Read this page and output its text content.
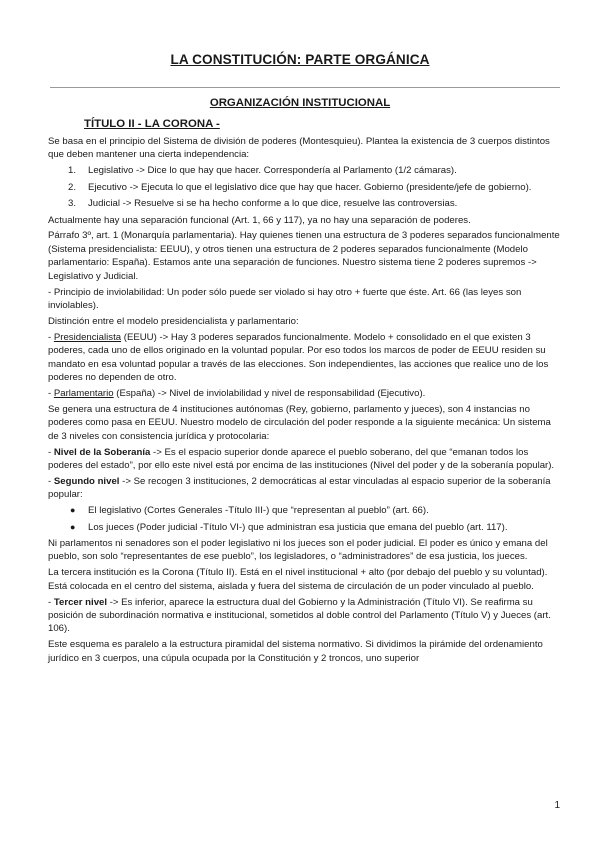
LA CONSTITUCIÓN: PARTE ORGÁNICA
ORGANIZACIÓN INSTITUCIONAL
TÍTULO II - LA CORONA -

Se basa en el principio del Sistema de división de poderes (Montesquieu). Plantea la existencia de 3 cuerpos distintos que deben mantener una cierta independencia:

1. Legislativo -> Dice lo que hay que hacer. Correspondería al Parlamento (1/2 cámaras).
2. Ejecutivo -> Ejecuta lo que el legislativo dice que hay que hacer. Gobierno (presidente/jefe de gobierno).
3. Judicial -> Resuelve si se ha hecho conforme a lo que dice, resuelve las controversias.

Actualmente hay una separación funcional (Art. 1, 66 y 117), ya no hay una separación de poderes.

Párrafo 3º, art. 1 (Monarquía parlamentaria). Hay quienes tienen una estructura de 3 poderes separados funcionalmente (Sistema presidencialista: EEUU), y otros tienen una estructura de 2 poderes separados funcionalmente (Modelo parlamentario: España). Estamos ante una separación de funciones. Nuestro sistema tiene 2 poderes supremos -> Legislativo y Judicial.

- Principio de inviolabilidad: Un poder sólo puede ser violado si hay otro + fuerte que éste. Art. 66 (las leyes son inviolables).

Distinción entre el modelo presidencialista y parlamentario:

- Presidencialista (EEUU) -> Hay 3 poderes separados funcionalmente. Modelo + consolidado en el que existen 3 poderes, cada uno de ellos originado en la voluntad popular. Por eso todos los marcos de poder de EEUU residen su mandato en esa voluntad popular a través de las elecciones. Son independientes, las acciones que realice uno de los poderes no dependen de otro.

- Parlamentario (España) -> Nivel de inviolabilidad y nivel de responsabilidad (Ejecutivo).

Se genera una estructura de 4 instituciones autónomas (Rey, gobierno, parlamento y jueces), son 4 instancias no poderes como pasa en EEUU. Nuestro modelo de circulación del poder responde a la siguiente mecánica: Un sistema de 3 niveles con consistencia jurídica y protocolaria:

- Nivel de la Soberanía -> Es el espacio superior donde aparece el pueblo soberano, del que “emanan todos los poderes del estado”, por ello este nivel está por encima de las instituciones (Nivel del poder y de la soberanía popular).

- Segundo nivel -> Se recogen 3 instituciones, 2 democráticas al estar vinculadas al espacio superior de la soberanía popular:

● El legislativo (Cortes Generales -Título III-) que “representan al pueblo” (art. 66).
● Los jueces (Poder judicial -Título VI-) que administran esa justicia que emana del pueblo (art. 117).

Ni parlamentos ni senadores son el poder legislativo ni los jueces son el poder judicial. El poder es único y emana del pueblo, son solo “representantes de ese pueblo”, los legisladores, o “administradores” de esa justicia, los jueces.

La tercera institución es la Corona (Título II). Está en el nivel institucional + alto (por debajo del pueblo y su voluntad). Está colocada en el centro del sistema, aislada y fuera del sistema de circulación de un poder vinculado al pueblo.

- Tercer nivel -> Es inferior, aparece la estructura dual del Gobierno y la Administración (Título VI). Se reafirma su posición de subordinación normativa e institucional, sometidos al doble control del Parlamento (Título V) y Jueces (art. 106).

Este esquema es paralelo a la estructura piramidal del sistema normativo. Si dividimos la pirámide del ordenamiento jurídico en 3 cuerpos, una cúpula ocupada por la Constitución y 2 troncos, uno superior

1
